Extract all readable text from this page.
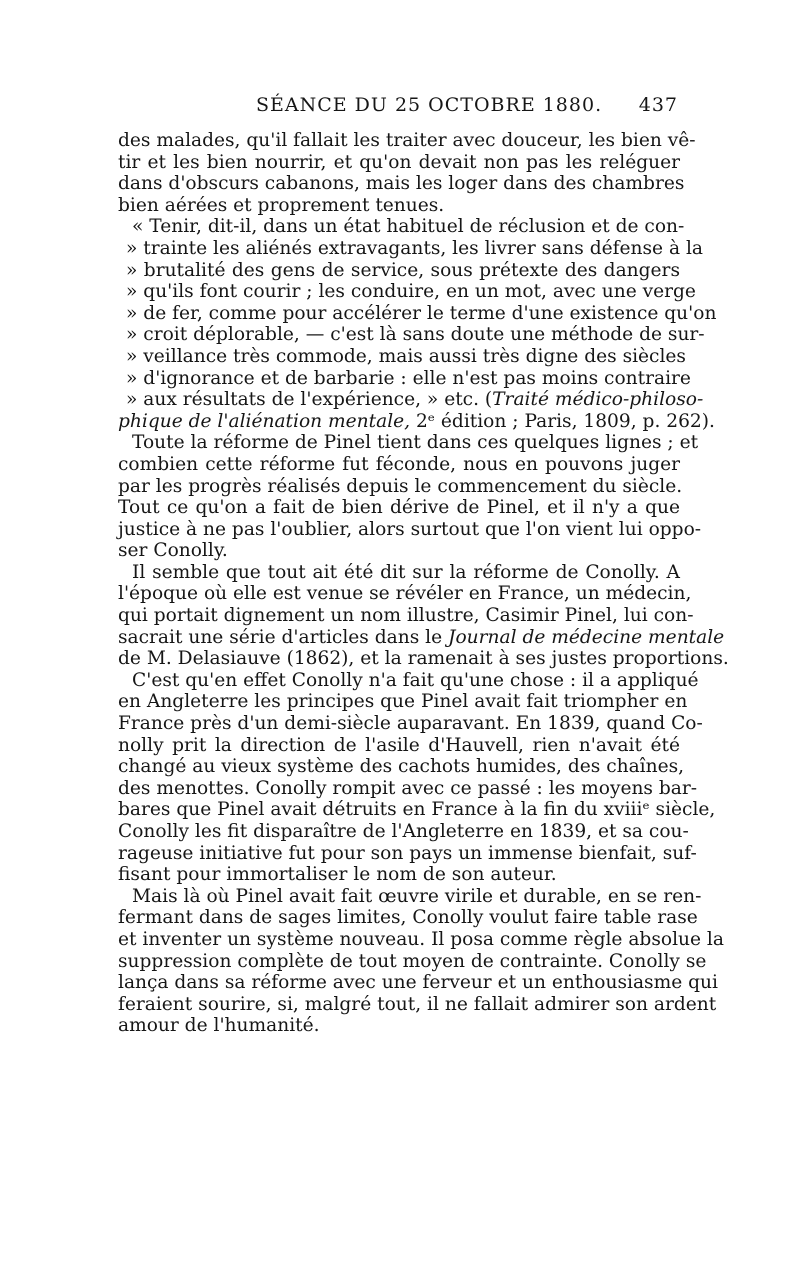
SÉANCE DU 25 OCTOBRE 1880. 437
des malades, qu'il fallait les traiter avec douceur, les bien vê-
tir et les bien nourrir, et qu'on devait non pas les reléguer
dans d'obscurs cabanons, mais les loger dans des chambres
bien aérées et proprement tenues.
« Tenir, dit-il, dans un état habituel de réclusion et de con-
» trainte les aliénés extravagants, les livrer sans défense à la
» brutalité des gens de service, sous prétexte des dangers
» qu'ils font courir ; les conduire, en un mot, avec une verge
» de fer, comme pour accélérer le terme d'une existence qu'on
» croit déplorable, — c'est là sans doute une méthode de sur-
» veillance très commode, mais aussi très digne des siècles
» d'ignorance et de barbarie : elle n'est pas moins contraire
» aux résultats de l'expérience, » etc. (Traité médico-philoso-
phique de l'aliénation mentale, 2ᵉ édition ; Paris, 1809, p. 262).
Toute la réforme de Pinel tient dans ces quelques lignes ; et
combien cette réforme fut féconde, nous en pouvons juger
par les progrès réalisés depuis le commencement du siècle.
Tout ce qu'on a fait de bien dérive de Pinel, et il n'y a que
justice à ne pas l'oublier, alors surtout que l'on vient lui oppo-
ser Conolly.
Il semble que tout ait été dit sur la réforme de Conolly. A
l'époque où elle est venue se révéler en France, un médecin,
qui portait dignement un nom illustre, Casimir Pinel, lui con-
sacrait une série d'articles dans le Journal de médecine mentale
de M. Delasiauve (1862), et la ramenait à ses justes proportions.
C'est qu'en effet Conolly n'a fait qu'une chose : il a appliqué
en Angleterre les principes que Pinel avait fait triompher en
France près d'un demi-siècle auparavant. En 1839, quand Co-
nolly prit la direction de l'asile d'Hauvell, rien n'avait été
changé au vieux système des cachots humides, des chaînes,
des menottes. Conolly rompit avec ce passé : les moyens bar-
bares que Pinel avait détruits en France à la fin du xviiiᵉ siècle,
Conolly les fit disparaître de l'Angleterre en 1839, et sa cou-
rageuse initiative fut pour son pays un immense bienfait, suf-
fisant pour immortaliser le nom de son auteur.
Mais là où Pinel avait fait œuvre virile et durable, en se ren-
fermant dans de sages limites, Conolly voulut faire table rase
et inventer un système nouveau. Il posa comme règle absolue la
suppression complète de tout moyen de contrainte. Conolly se
lança dans sa réforme avec une ferveur et un enthousiasme qui
feraient sourire, si, malgré tout, il ne fallait admirer son ardent
amour de l'humanité.
